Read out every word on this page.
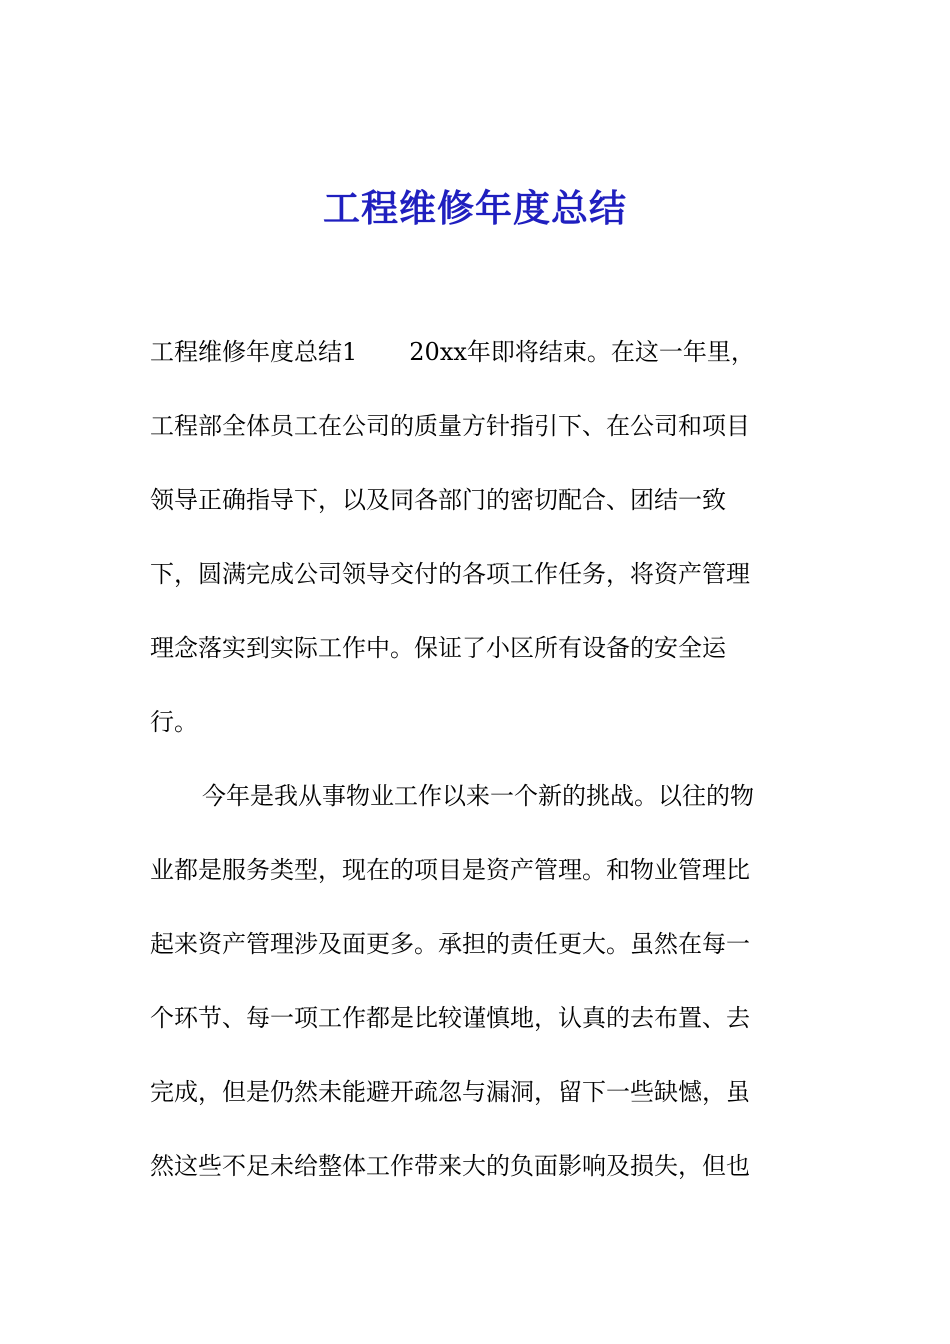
工程维修年度总结
工程维修年度总结1 20xx年即将结束。在这一年里，
工程部全体员工在公司的质量方针指引下、在公司和项目
领导正确指导下，以及同各部门的密切配合、团结一致
下，圆满完成公司领导交付的各项工作任务，将资产管理
理念落实到实际工作中。保证了小区所有设备的安全运
行。
今年是我从事物业工作以来一个新的挑战。以往的物
业都是服务类型，现在的项目是资产管理。和物业管理比
起来资产管理涉及面更多。承担的责任更大。虽然在每一
个环节、每一项工作都是比较谨慎地，认真的去布置、去
完成，但是仍然未能避开疏忽与漏洞，留下一些缺憾，虽
然这些不足未给整体工作带来大的负面影响及损失，但也
